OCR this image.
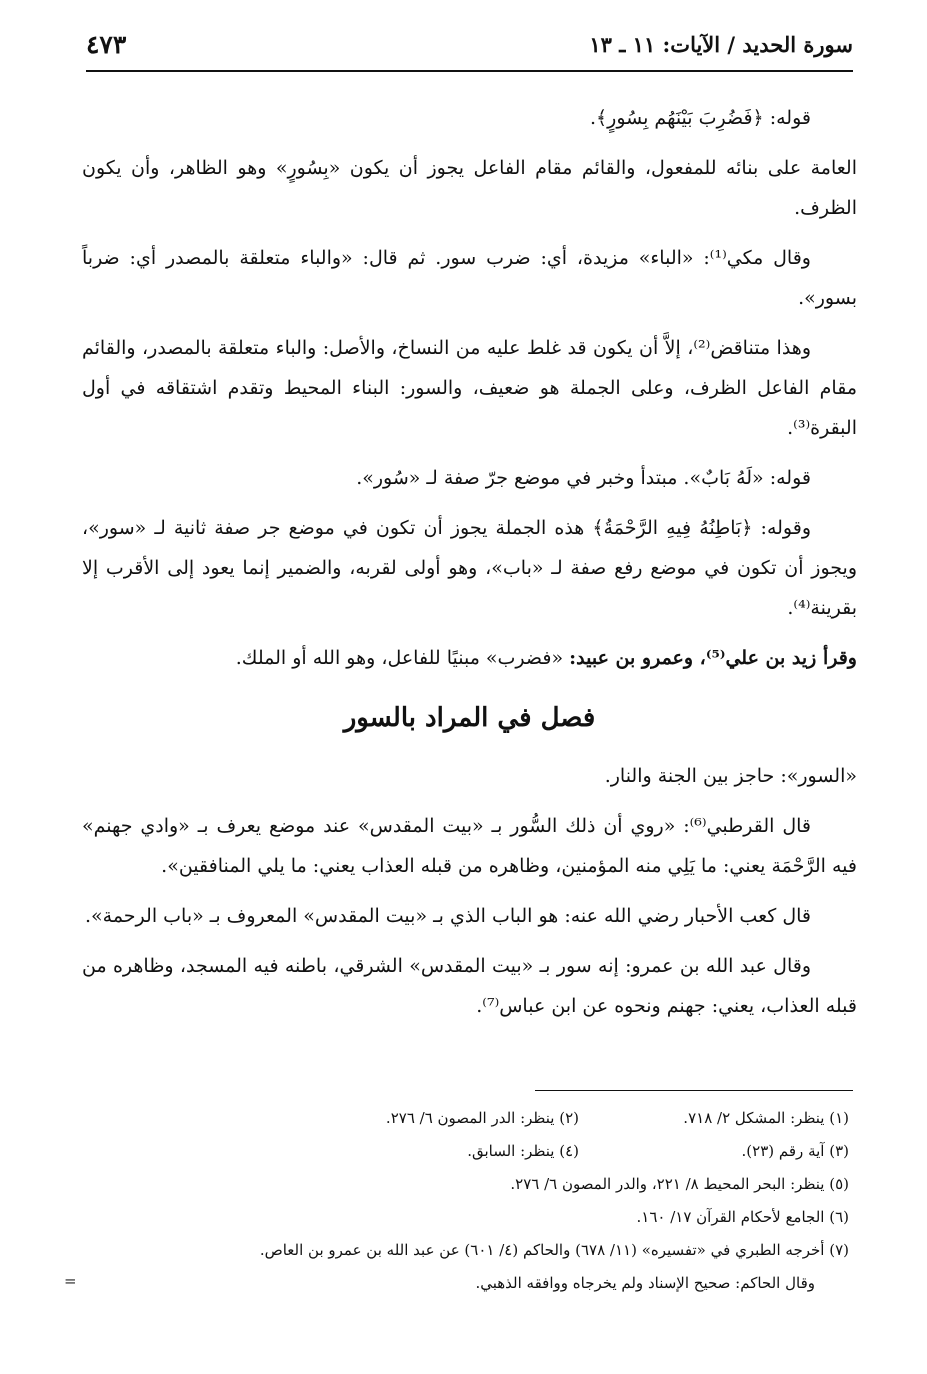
سورة الحديد / الآيات: ١١ ـ ١٣
٤٧٣

قوله: ﴿فَضُرِبَ بَيْنَهُم بِسُورٍ﴾.

العامة على بنائه للمفعول، والقائم مقام الفاعل يجوز أن يكون «بِسُورٍ» وهو الظاهر، وأن يكون الظرف.

وقال مكي⁽¹⁾: «الباء» مزيدة، أي: ضرب سور. ثم قال: «والباء متعلقة بالمصدر أي: ضرباً بسور».

وهذا متناقض⁽²⁾، إلاَّ أن يكون قد غلط عليه من النساخ، والأصل: والباء متعلقة بالمصدر، والقائم مقام الفاعل الظرف، وعلى الجملة هو ضعيف، والسور: البناء المحيط وتقدم اشتقاقه في أول البقرة⁽³⁾.

قوله: «لَهُ بَابٌ». مبتدأ وخبر في موضع جرّ صفة لـ «سُور».

وقوله: ﴿بَاطِنُهُ فِيهِ الرَّحْمَةُ﴾ هذه الجملة يجوز أن تكون في موضع جر صفة ثانية لـ «سور»، ويجوز أن تكون في موضع رفع صفة لـ «باب»، وهو أولى لقربه، والضمير إنما يعود إلى الأقرب إلا بقرينة⁽⁴⁾.

وقرأ زيد بن علي⁽⁵⁾، وعمرو بن عبيد: «فضرب» مبنيًا للفاعل، وهو الله أو الملك.

فصل في المراد بالسور

«السور»: حاجز بين الجنة والنار.

قال القرطبي⁽⁶⁾: «روي أن ذلك السُّور بـ «بيت المقدس» عند موضع يعرف بـ «وادي جهنم» فيه الرَّحْمَة يعني: ما يَلِي منه المؤمنين، وظاهره من قبله العذاب يعني: ما يلي المنافقين».

قال كعب الأحبار رضي الله عنه: هو الباب الذي بـ «بيت المقدس» المعروف بـ «باب الرحمة».

وقال عبد الله بن عمرو: إنه سور بـ «بيت المقدس» الشرقي، باطنه فيه المسجد، وظاهره من قبله العذاب، يعني: جهنم ونحوه عن ابن عباس⁽⁷⁾.

(١) ينظر: المشكل ٢/ ٧١٨.
(٢) ينظر: الدر المصون ٦/ ٢٧٦.
(٣) آية رقم (٢٣).
(٤) ينظر: السابق.
(٥) ينظر: البحر المحيط ٨/ ٢٢١، والدر المصون ٦/ ٢٧٦.
(٦) الجامع لأحكام القرآن ١٧/ ١٦٠.
(٧) أخرجه الطبري في «تفسيره» (١١/ ٦٧٨) والحاكم (٤/ ٦٠١) عن عبد الله بن عمرو بن العاص.
وقال الحاكم: صحيح الإسناد ولم يخرجاه ووافقه الذهبي.
=
